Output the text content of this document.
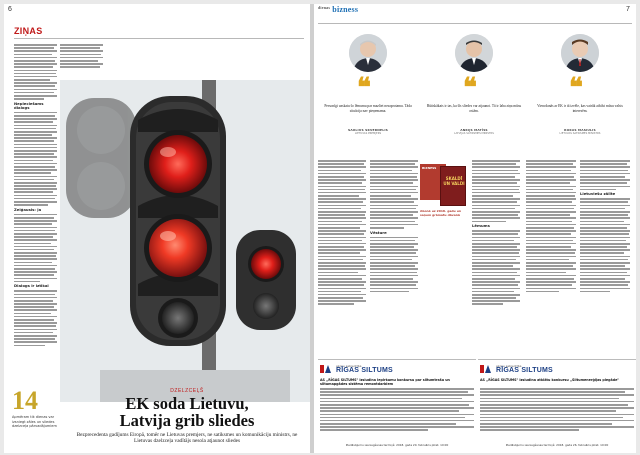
6
ZIŅAS
Nepieciešams dialogs
Zelģausis: ja
Dialogs ir iztikai
14
Apmēram tik dienas var izsniegt zāles un sliedes dzelzceļa pārvadājumiem
DZELZCEĻŠ
EK soda Lietuvu,
Latvija grib sliedes
Bezprecedenta gadījums Eiropā, tomēr ne Lietuvas premjers, ne satiksmes un komunikāciju ministrs, ne Lietuvas dzelzceļa vadītājs nesola atjaunot sliedes
$^{dienas}$ bizness	7
❝
Personīgi uzskatu šo lēmumu par mazliet nesaprotamu. Tāda situācija nav pieņemama.
SAULIUS SKVERNELIS
LIETUVAS PREMJERS
❝
Būtiskākais ir tas, ka šīs sliedes var atjaunot. Tā ir laba ziņa mūsu ostām.
ANRIJS MATĪSS
LATVIJAS SATIKSMES MINISTRS
❝
Vienošanās ar EK ir tā izvēle, kas vairāk atbilst mūsu valsts interesēm.
ROKAS MASIULIS
LIETUVAS SATIKSMES MINISTRS
Vēsture
BIZNESS
SKALDĪ UN VALDI
Abonē uz 2018. gadu un saņem grāmatu dāvanā
Lēmums
Lietuviešu zālīte
akciju sabiedrība
RĪGAS SILTUMS
AS „RĪGAS SILTUMS" izsludina iepirkumu konkursu par siltumtrašu un siltumapgādes sistēmu remontdarbiem
Piedāvājumu iesniegšanas termiņš: 2018. gada 20. februāris plkst. 10:00
akciju sabiedrība
RĪGAS SILTUMS
AS „RĪGAS SILTUMS" izsludina atklātu konkursu „Siltumenerģijas piegāde"
Piedāvājumu iesniegšanas termiņš: 2018. gada 26. februāris plkst. 10:00
